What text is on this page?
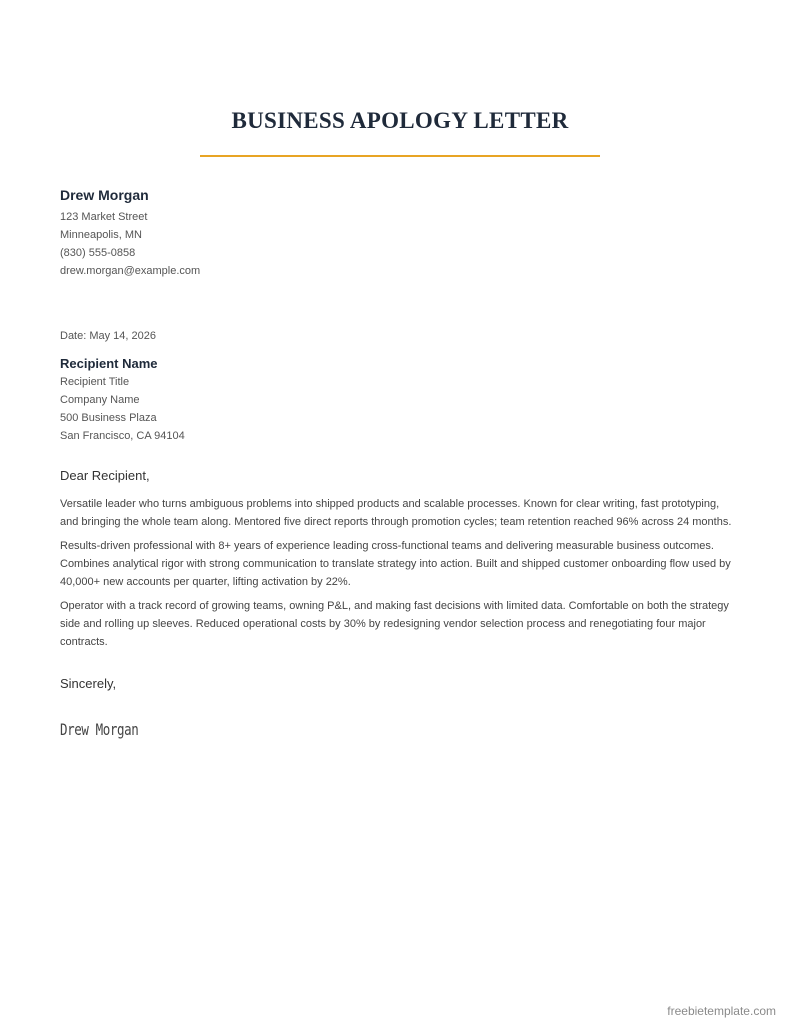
BUSINESS APOLOGY LETTER
Drew Morgan
123 Market Street
Minneapolis, MN
(830) 555-0858
drew.morgan@example.com
Date: May 14, 2026
Recipient Name
Recipient Title
Company Name
500 Business Plaza
San Francisco, CA 94104
Dear Recipient,

Versatile leader who turns ambiguous problems into shipped products and scalable processes. Known for clear writing, fast prototyping, and bringing the whole team along. Mentored five direct reports through promotion cycles; team retention reached 96% across 24 months.

Results-driven professional with 8+ years of experience leading cross-functional teams and delivering measurable business outcomes. Combines analytical rigor with strong communication to translate strategy into action. Built and shipped customer onboarding flow used by 40,000+ new accounts per quarter, lifting activation by 22%.

Operator with a track record of growing teams, owning P&L, and making fast decisions with limited data. Comfortable on both the strategy side and rolling up sleeves. Reduced operational costs by 30% by redesigning vendor selection process and renegotiating four major contracts.

Sincerely,
Drew Morgan
freebietemplate.com
